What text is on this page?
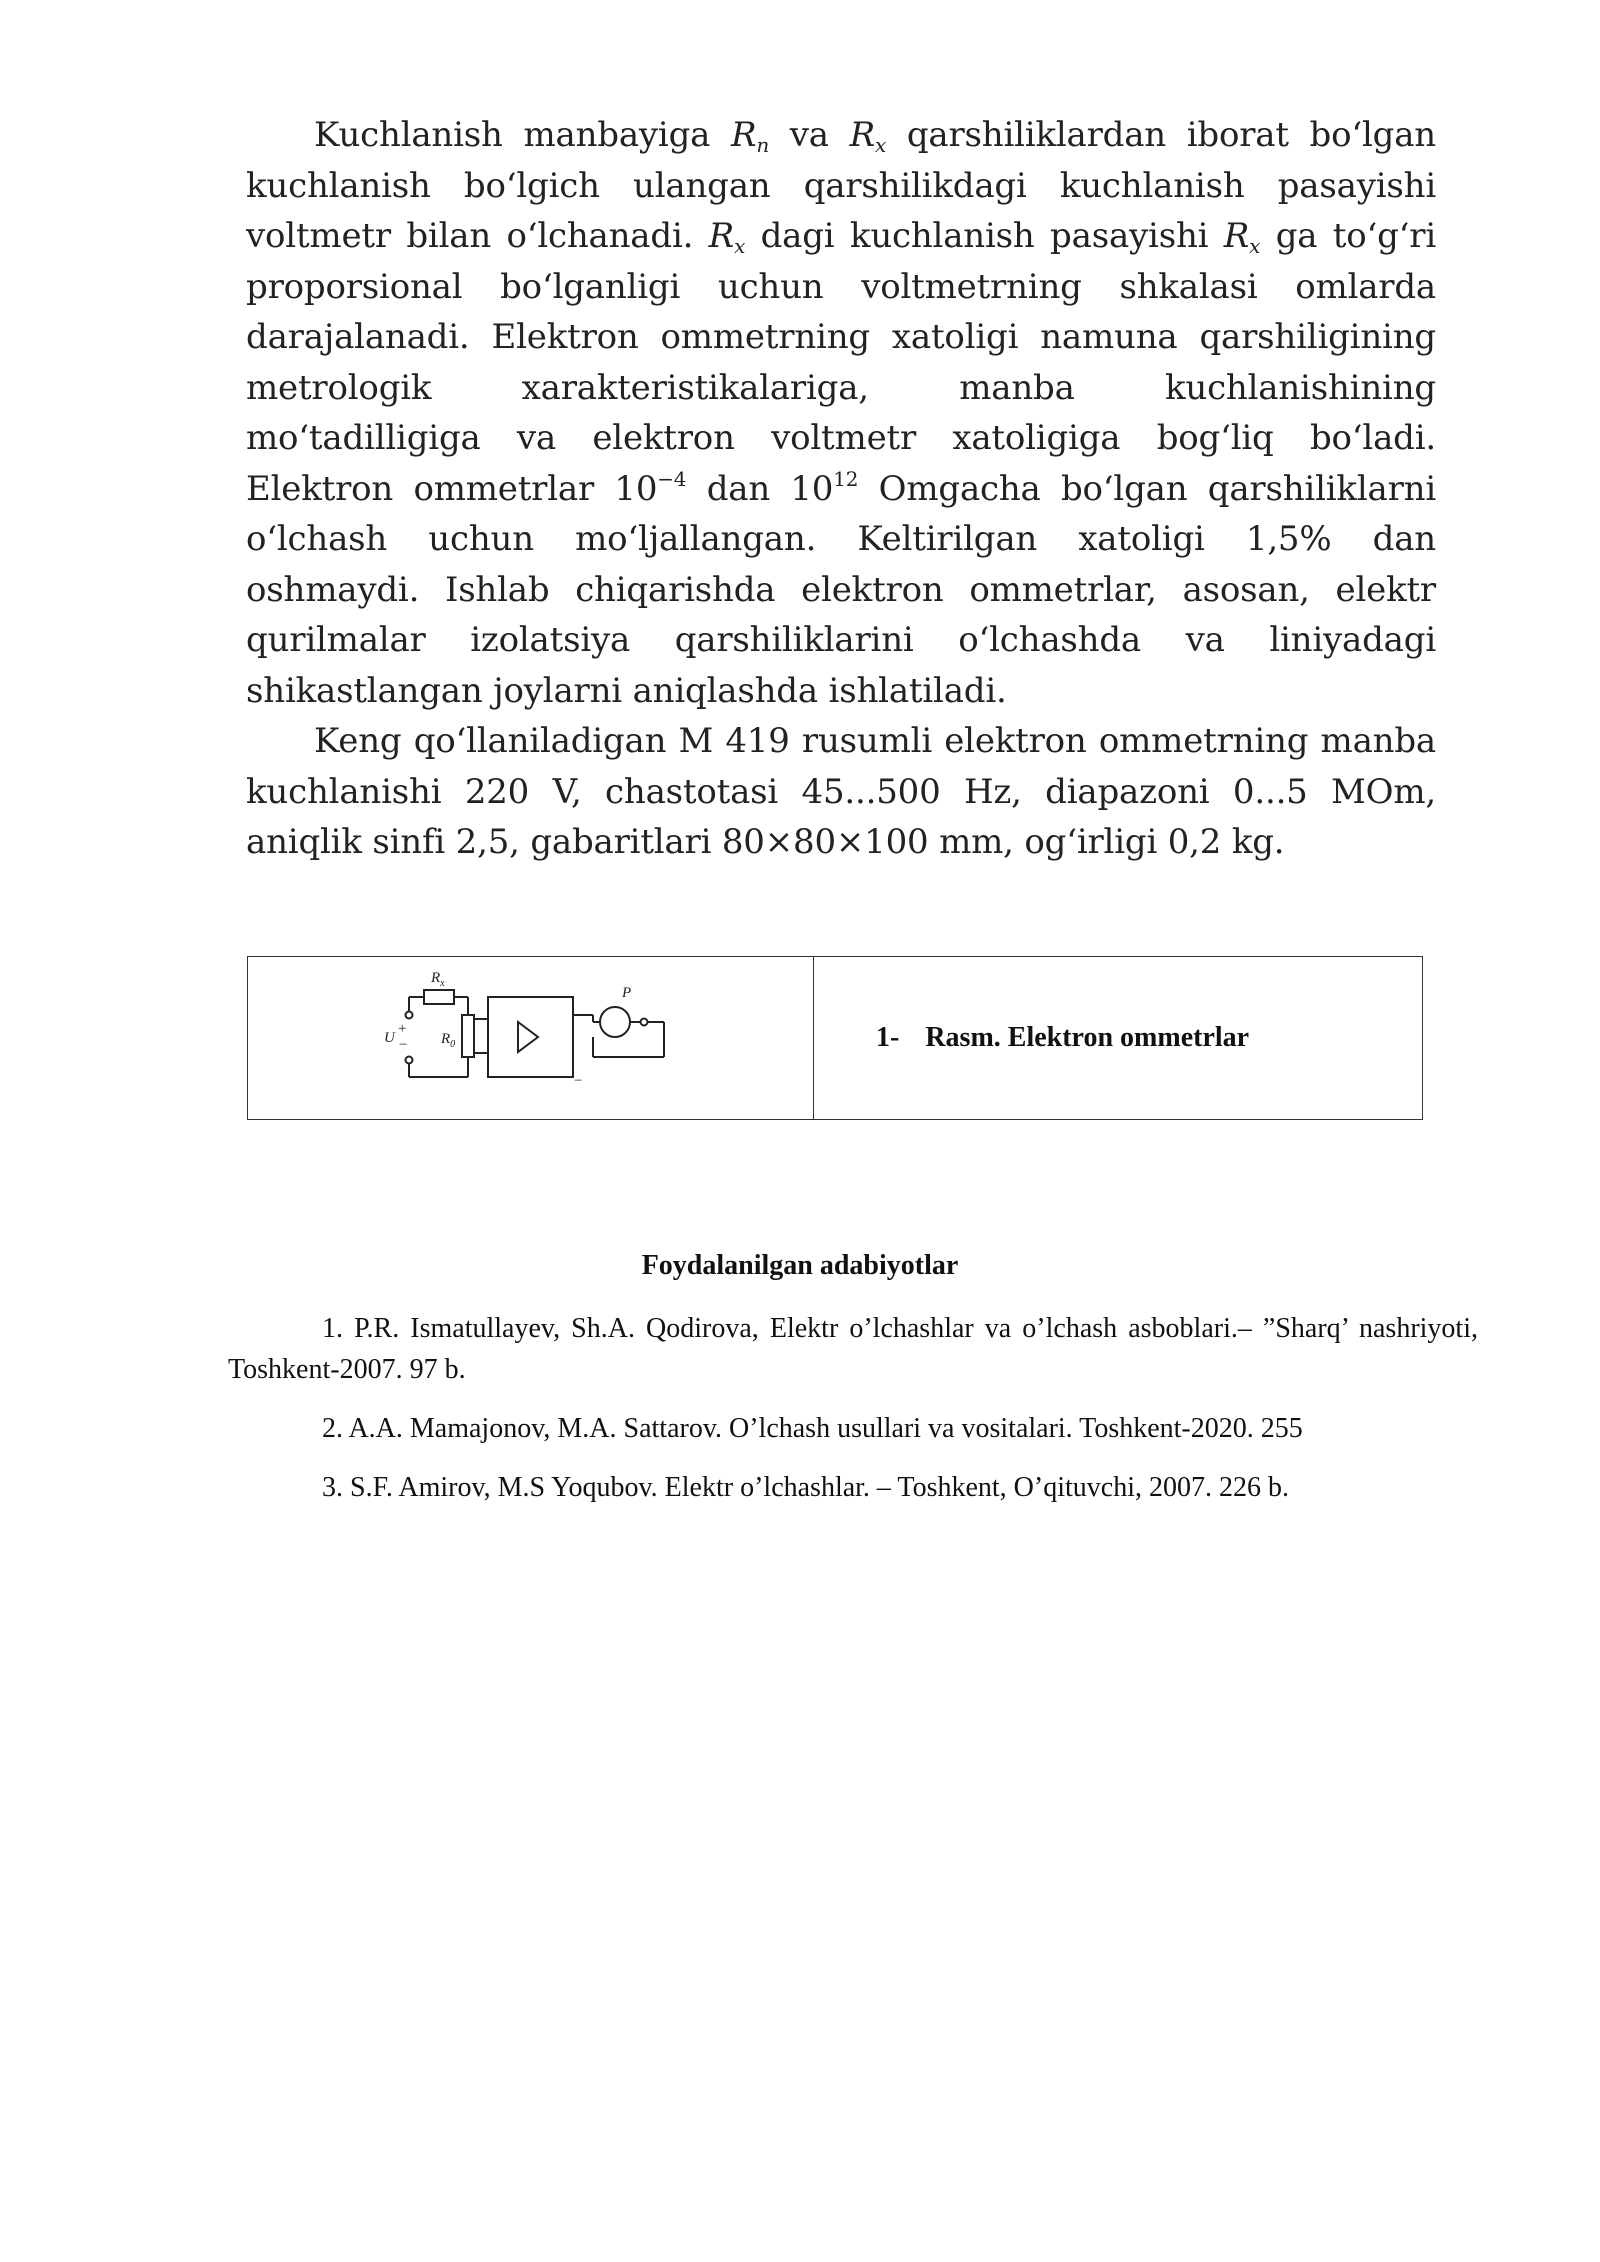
Kuchlanish manbayiga $R_n$ va $R_x$ qarshiliklardan iborat bo‘lgan kuchlanish bo‘lgich ulangan qarshilikdagi kuchlanish pasayishi voltmetr bilan o‘lchanadi. $R_x$ dagi kuchlanish pasayishi $R_x$ ga to‘g‘ri proporsional bo‘lganligi uchun voltmetrning shkalasi omlarda darajalanadi. Elektron ommetrning xatoligi namuna qarshiligining metrologik xarakteristikalariga, manba kuchlanishining mo‘tadilligiga va elektron voltmetr xatoligiga bog‘liq bo‘ladi. Elektron ommetrlar $10^{-4}$ dan $10^{12}$ Omgacha bo‘lgan qarshiliklarni o‘lchash uchun mo‘ljallangan. Keltirilgan xatoligi 1,5% dan oshmaydi. Ishlab chiqarishda elektron ommetrlar, asosan, elektr qurilmalar izolatsiya qarshiliklarini o‘lchashda va liniyadagi shikastlangan joylarni aniqlashda ishlatiladi.

Keng qo‘llaniladigan M 419 rusumli elektron ommetrning manba kuchlanishi 220 V, chastotasi 45...500 Hz, diapazoni 0...5 MOm, aniqlik sinfi 2,5, gabaritlari 80×80×100 mm, og‘irligi 0,2 kg.

$R_x$
U
+
− $R_0$
−
P
1- Rasm. Elektron ommetrlar
Foydalanilgan adabiyotlar

1. P.R. Ismatullayev, Sh.A. Qodirova, Elektr o’lchashlar va o’lchash asboblari.– ”Sharq’ nashriyoti, Toshkent-2007. 97 b.

2. A.A. Mamajonov, M.A. Sattarov. O’lchash usullari va vositalari. Toshkent-2020. 255

3. S.F. Amirov, M.S Yoqubov. Elektr o’lchashlar. – Toshkent, O’qituvchi, 2007. 226 b.
